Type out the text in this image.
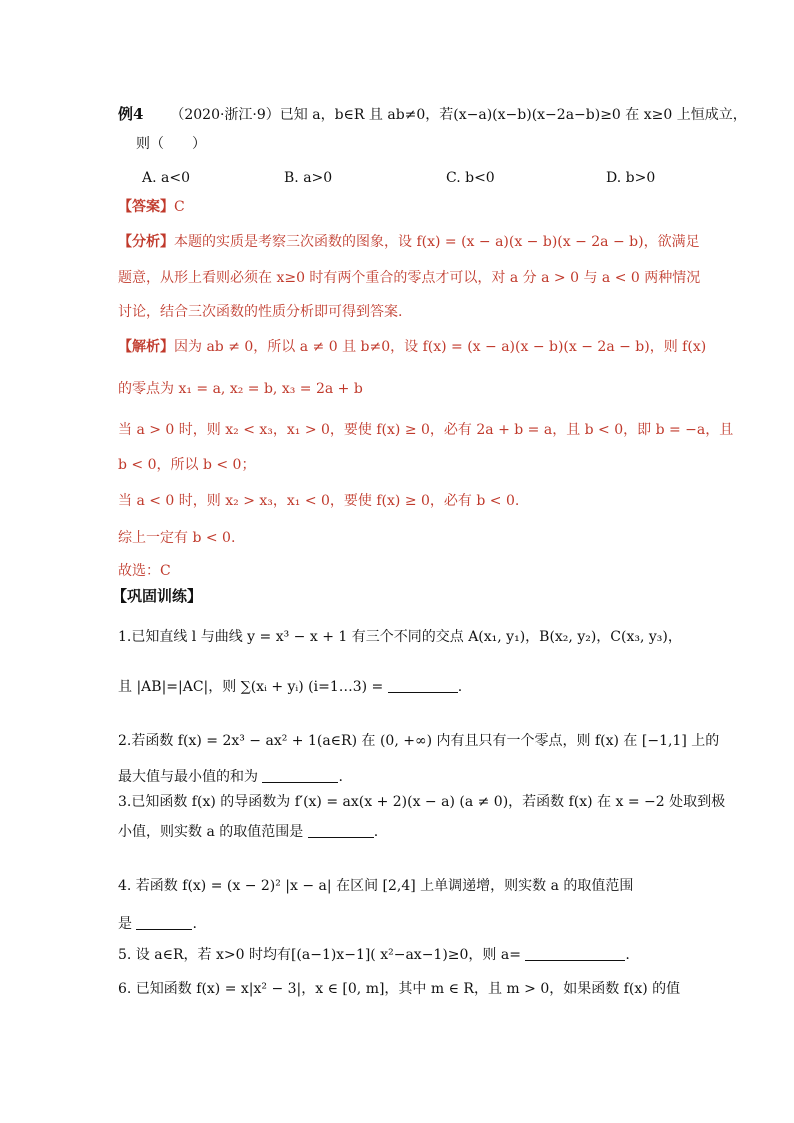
例4 （2020·浙江·9）已知 a，b∈R 且 ab≠0，若(x−a)(x−b)(x−2a−b)≥0 在 x≥0 上恒成立，
则（　　）
A. a<0	B. a>0	C. b<0	D. b>0
【答案】C
【分析】本题的实质是考察三次函数的图象，设 f(x) = (x − a)(x − b)(x − 2a − b)，欲满足
题意，从形上看则必须在 x≥0 时有两个重合的零点才可以，对 a 分 a > 0 与 a < 0 两种情况
讨论，结合三次函数的性质分析即可得到答案.
【解析】因为 ab ≠ 0，所以 a ≠ 0 且 b≠0，设 f(x) = (x − a)(x − b)(x − 2a − b)，则 f(x)
的零点为 x₁ = a, x₂ = b, x₃ = 2a + b
当 a > 0 时，则 x₂ < x₃，x₁ > 0，要使 f(x) ≥ 0，必有 2a + b = a，且 b < 0，即 b = −a，且
b < 0，所以 b < 0；
当 a < 0 时，则 x₂ > x₃，x₁ < 0，要使 f(x) ≥ 0，必有 b < 0.
综上一定有 b < 0.
故选：C
【巩固训练】
1.已知直线 l 与曲线 y = x³ − x + 1 有三个不同的交点 A(x₁, y₁)，B(x₂, y₂)，C(x₃, y₃)，
且 |AB|=|AC|，则 ∑(xᵢ + yᵢ) (i=1…3) =	.
2.若函数 f(x) = 2x³ − ax² + 1(a∈R) 在 (0, +∞) 内有且只有一个零点，则 f(x) 在 [−1,1] 上的
最大值与最小值的和为	.
3.已知函数 f(x) 的导函数为 f′(x) = ax(x + 2)(x − a) (a ≠ 0)，若函数 f(x) 在 x = −2 处取到极
小值，则实数 a 的取值范围是	.
4. 若函数 f(x) = (x − 2)² |x − a| 在区间 [2,4] 上单调递增，则实数 a 的取值范围
是	.
5. 设 a∈R，若 x>0 时均有[(a−1)x−1]( x²−ax−1)≥0，则 a=	.
6. 已知函数 f(x) = x|x² − 3|，x ∈ [0, m]，其中 m ∈ R，且 m > 0，如果函数 f(x) 的值
